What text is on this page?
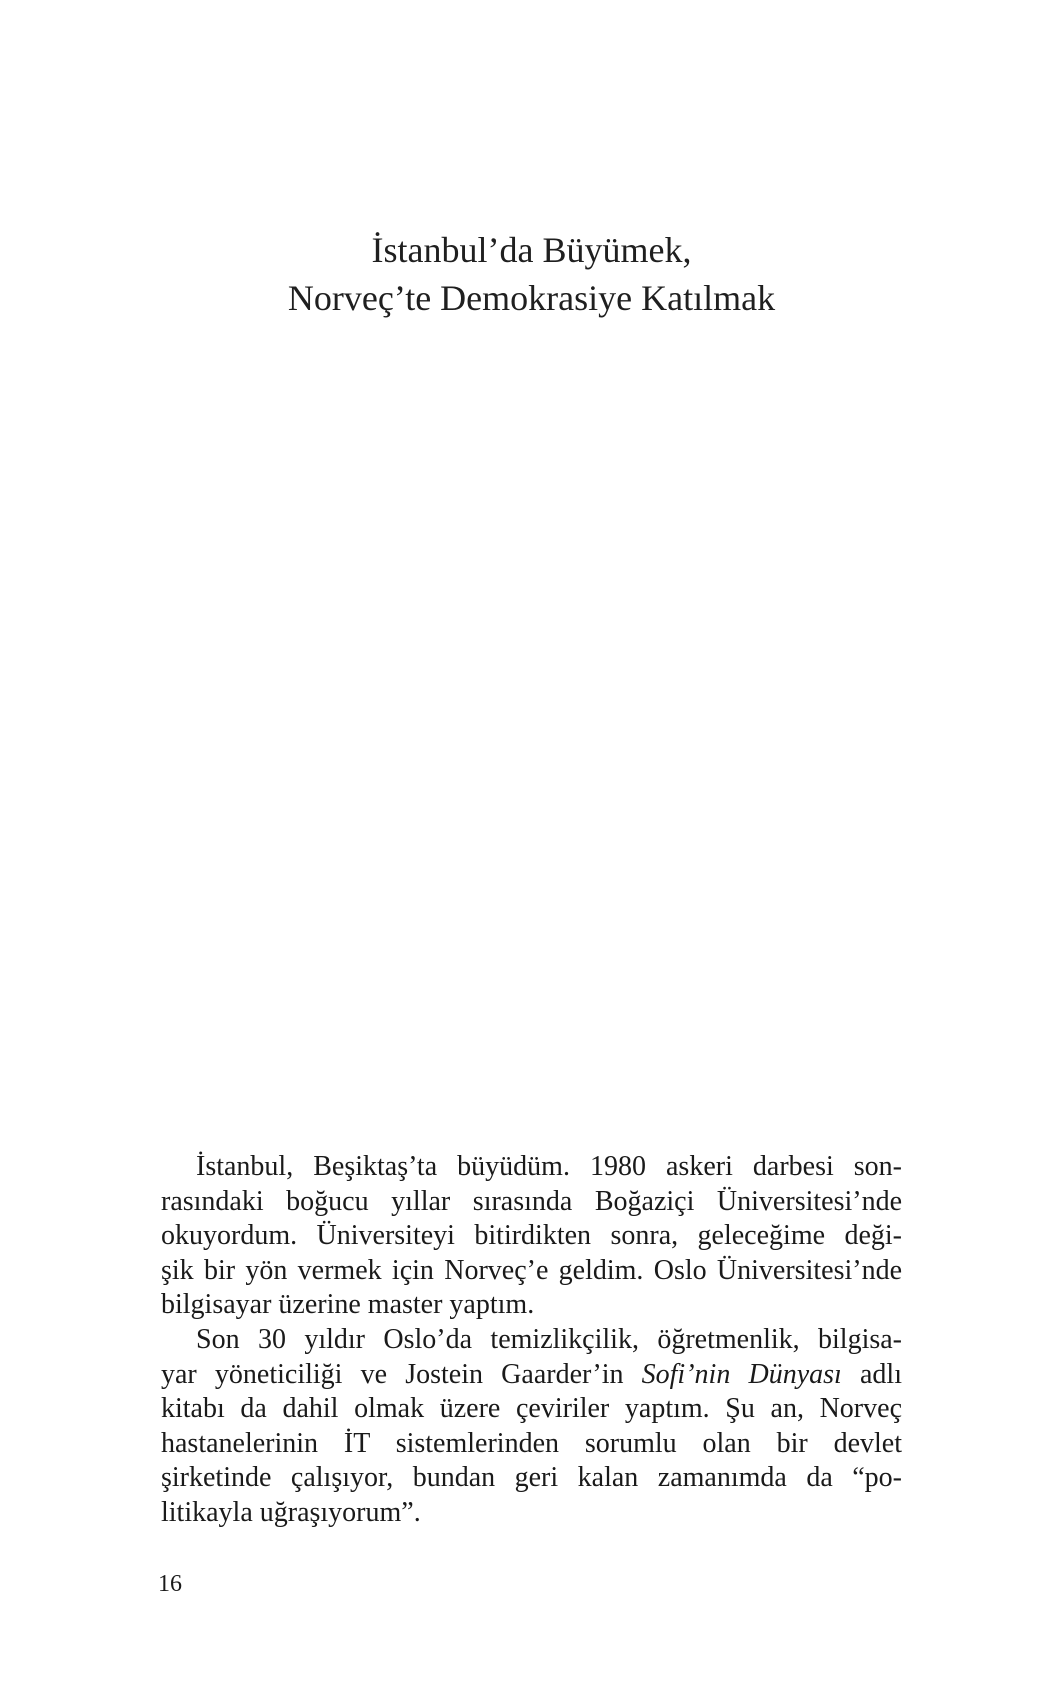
İstanbul’da Büyümek,
Norveç’te Demokrasiye Katılmak
İstanbul, Beşiktaş’ta büyüdüm. 1980 askeri darbesi son-
rasındaki boğucu yıllar sırasında Boğaziçi Üniversitesi’nde
okuyordum. Üniversiteyi bitirdikten sonra, geleceğime deği-
şik bir yön vermek için Norveç’e geldim. Oslo Üniversitesi’nde
bilgisayar üzerine master yaptım.
Son 30 yıldır Oslo’da temizlikçilik, öğretmenlik, bilgisa-
yar yöneticiliği ve Jostein Gaarder’in Sofi’nin Dünyası adlı
kitabı da dahil olmak üzere çeviriler yaptım. Şu an, Norveç
hastanelerinin İT sistemlerinden sorumlu olan bir devlet
şirketinde çalışıyor, bundan geri kalan zamanımda da “po-
litikayla uğraşıyorum”.
16
